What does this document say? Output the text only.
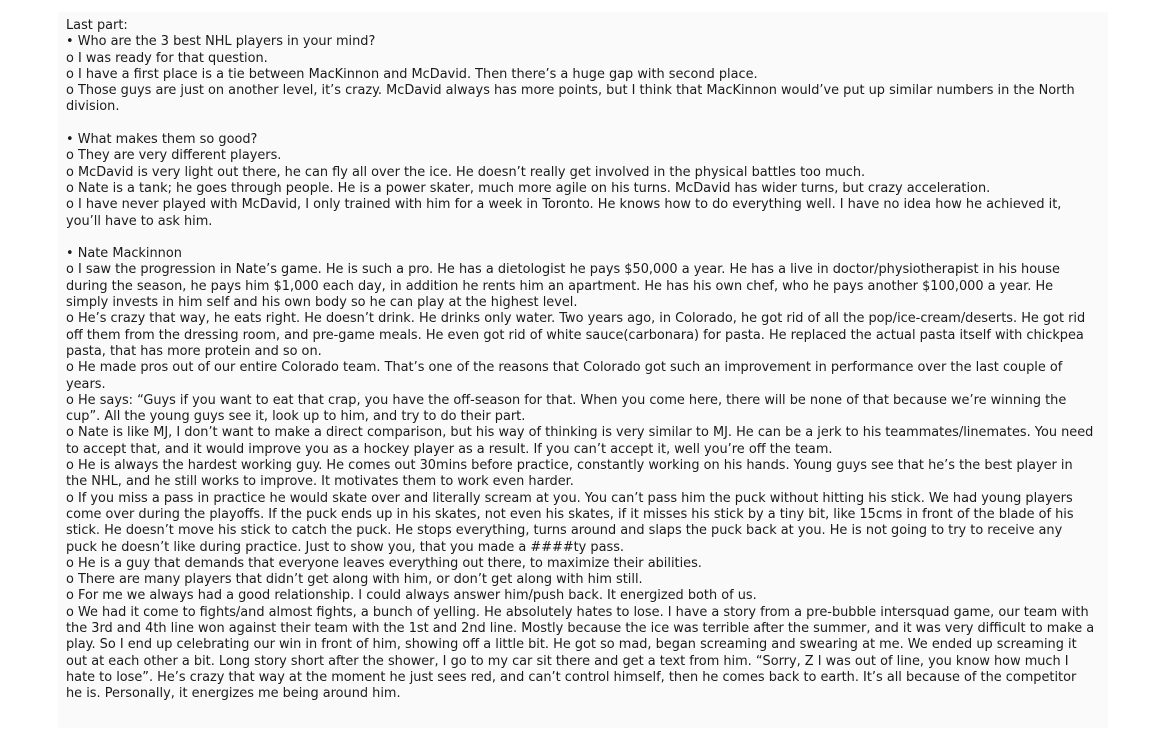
Last part:
• Who are the 3 best NHL players in your mind?
o I was ready for that question.
o I have a first place is a tie between MacKinnon and McDavid. Then there’s a huge gap with second place.
o Those guys are just on another level, it’s crazy. McDavid always has more points, but I think that MacKinnon would’ve put up similar numbers in the North division.
• What makes them so good?
o They are very different players.
o McDavid is very light out there, he can fly all over the ice. He doesn’t really get involved in the physical battles too much.
o Nate is a tank; he goes through people. He is a power skater, much more agile on his turns. McDavid has wider turns, but crazy acceleration.
o I have never played with McDavid, I only trained with him for a week in Toronto. He knows how to do everything well. I have no idea how he achieved it, you’ll have to ask him.
• Nate Mackinnon
o I saw the progression in Nate’s game. He is such a pro. He has a dietologist he pays $50,000 a year. He has a live in doctor/physiotherapist in his house during the season, he pays him $1,000 each day, in addition he rents him an apartment. He has his own chef, who he pays another $100,000 a year. He simply invests in him self and his own body so he can play at the highest level.
o He’s crazy that way, he eats right. He doesn’t drink. He drinks only water. Two years ago, in Colorado, he got rid of all the pop/ice-cream/deserts. He got rid off them from the dressing room, and pre-game meals. He even got rid of white sauce(carbonara) for pasta. He replaced the actual pasta itself with chickpea pasta, that has more protein and so on.
o He made pros out of our entire Colorado team. That’s one of the reasons that Colorado got such an improvement in performance over the last couple of years.
o He says: “Guys if you want to eat that crap, you have the off-season for that. When you come here, there will be none of that because we’re winning the cup”. All the young guys see it, look up to him, and try to do their part.
o Nate is like MJ, I don’t want to make a direct comparison, but his way of thinking is very similar to MJ. He can be a jerk to his teammates/linemates. You need to accept that, and it would improve you as a hockey player as a result. If you can’t accept it, well you’re off the team.
o He is always the hardest working guy. He comes out 30mins before practice, constantly working on his hands. Young guys see that he’s the best player in the NHL, and he still works to improve. It motivates them to work even harder.
o If you miss a pass in practice he would skate over and literally scream at you. You can’t pass him the puck without hitting his stick. We had young players come over during the playoffs. If the puck ends up in his skates, not even his skates, if it misses his stick by a tiny bit, like 15cms in front of the blade of his stick. He doesn’t move his stick to catch the puck. He stops everything, turns around and slaps the puck back at you. He is not going to try to receive any puck he doesn’t like during practice. Just to show you, that you made a ####ty pass.
o He is a guy that demands that everyone leaves everything out there, to maximize their abilities.
o There are many players that didn’t get along with him, or don’t get along with him still.
o For me we always had a good relationship. I could always answer him/push back. It energized both of us.
o We had it come to fights/and almost fights, a bunch of yelling. He absolutely hates to lose. I have a story from a pre-bubble intersquad game, our team with the 3rd and 4th line won against their team with the 1st and 2nd line. Mostly because the ice was terrible after the summer, and it was very difficult to make a play. So I end up celebrating our win in front of him, showing off a little bit. He got so mad, began screaming and swearing at me. We ended up screaming it out at each other a bit. Long story short after the shower, I go to my car sit there and get a text from him. “Sorry, Z I was out of line, you know how much I hate to lose”. He’s crazy that way at the moment he just sees red, and can’t control himself, then he comes back to earth. It’s all because of the competitor he is. Personally, it energizes me being around him.
